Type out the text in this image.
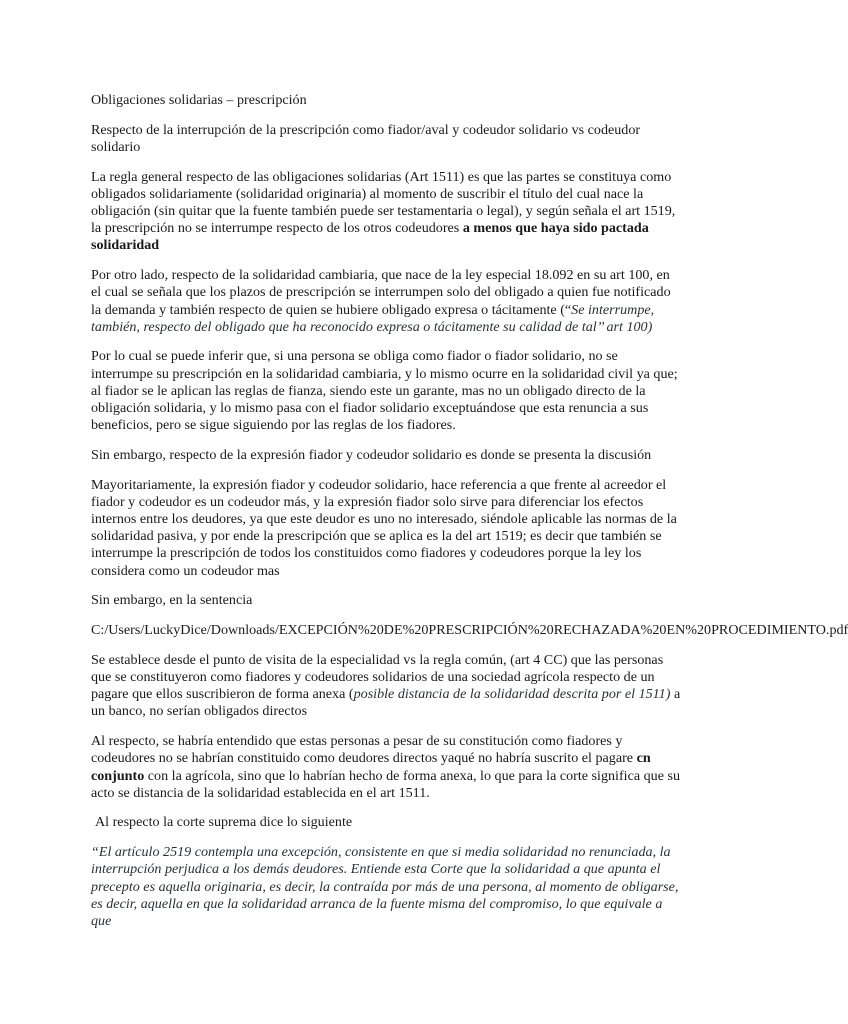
Obligaciones solidarias – prescripción

Respecto de la interrupción de la prescripción como fiador/aval y codeudor solidario vs codeudor solidario

La regla general respecto de las obligaciones solidarias (Art 1511) es que las partes se constituya como obligados solidariamente (solidaridad originaria) al momento de suscribir el título del cual nace la obligación (sin quitar que la fuente también puede ser testamentaria o legal), y según señala el art 1519, la prescripción no se interrumpe respecto de los otros codeudores a menos que haya sido pactada solidaridad

Por otro lado, respecto de la solidaridad cambiaria, que nace de la ley especial 18.092 en su art 100, en el cual se señala que los plazos de prescripción se interrumpen solo del obligado a quien fue notificado la demanda y también respecto de quien se hubiere obligado expresa o tácitamente (“Se interrumpe, también, respecto del obligado que ha reconocido expresa o tácitamente su calidad de tal’’ art 100)

Por lo cual se puede inferir que, si una persona se obliga como fiador o fiador solidario, no se interrumpe su prescripción en la solidaridad cambiaria, y lo mismo ocurre en la solidaridad civil ya que; al fiador se le aplican las reglas de fianza, siendo este un garante, mas no un obligado directo de la obligación solidaria, y lo mismo pasa con el fiador solidario exceptuándose que esta renuncia a sus beneficios, pero se sigue siguiendo por las reglas de los fiadores.

Sin embargo, respecto de la expresión fiador y codeudor solidario es donde se presenta la discusión

Mayoritariamente, la expresión fiador y codeudor solidario, hace referencia a que frente al acreedor el fiador y codeudor es un codeudor más, y la expresión fiador solo sirve para diferenciar los efectos internos entre los deudores, ya que este deudor es uno no interesado, siéndole aplicable las normas de la solidaridad pasiva, y por ende la prescripción que se aplica es la del art 1519; es decir que también se interrumpe la prescripción de todos los constituidos como fiadores y codeudores porque la ley los considera como un codeudor mas

Sin embargo, en la sentencia

C:/Users/LuckyDice/Downloads/EXCEPCIÓN%20DE%20PRESCRIPCIÓN%20RECHAZADA%20EN%20PROCEDIMIENTO.pdf

Se establece desde el punto de visita de la especialidad vs la regla común, (art 4 CC) que las personas que se constituyeron como fiadores y codeudores solidarios de una sociedad agrícola respecto de un pagare que ellos suscribieron de forma anexa (posible distancia de la solidaridad descrita por el 1511) a un banco, no serían obligados directos

Al respecto, se habría entendido que estas personas a pesar de su constitución como fiadores y codeudores no se habrían constituido como deudores directos yaqué no habría suscrito el pagare cn conjunto con la agrícola, sino que lo habrían hecho de forma anexa, lo que para la corte significa que su acto se distancia de la solidaridad establecida en el art 1511.

Al respecto la corte suprema dice lo siguiente

“El artículo 2519 contempla una excepción, consistente en que si media solidaridad no renunciada, la interrupción perjudica a los demás deudores. Entiende esta Corte que la solidaridad a que apunta el precepto es aquella originaria, es decir, la contraída por más de una persona, al momento de obligarse, es decir, aquella en que la solidaridad arranca de la fuente misma del compromiso, lo que equivale a que
